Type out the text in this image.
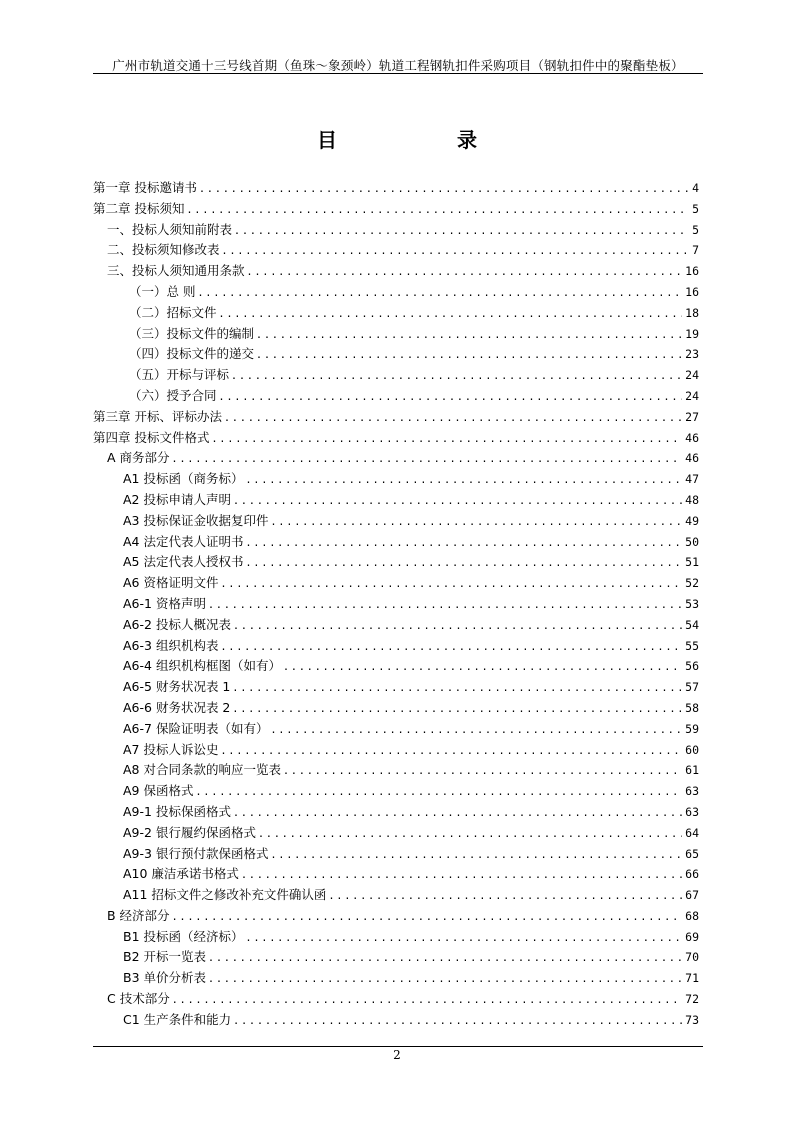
广州市轨道交通十三号线首期（鱼珠～象颈岭）轨道工程钢轨扣件采购项目（钢轨扣件中的聚酯垫板）
目　录
第一章 投标邀请书 . . .	4
第二章 投标须知 . . .	5
一、投标人须知前附表 . . .	5
二、投标须知修改表 . . .	7
三、投标人须知通用条款 . . .	16
（一）总 则 . . .	16
（二）招标文件 . . .	18
（三）投标文件的编制 . . .	19
（四）投标文件的递交 . . .	23
（五）开标与评标 . . .	24
（六）授予合同 . . .	24
第三章 开标、评标办法 . . .	27
第四章 投标文件格式 . . .	46
A 商务部分 . . .	46
A1 投标函（商务标） . . .	47
A2 投标申请人声明 . . .	48
A3 投标保证金收据复印件 . . .	49
A4 法定代表人证明书 . . .	50
A5 法定代表人授权书 . . .	51
A6 资格证明文件 . . .	52
A6-1 资格声明 . . .	53
A6-2 投标人概况表 . . .	54
A6-3 组织机构表 . . .	55
A6-4 组织机构框图（如有） . . .	56
A6-5 财务状况表 1 . . .	57
A6-6 财务状况表 2 . . .	58
A6-7 保险证明表（如有） . . .	59
A7 投标人诉讼史 . . .	60
A8 对合同条款的响应一览表 . . .	61
A9 保函格式 . . .	63
A9-1 投标保函格式 . . .	63
A9-2 银行履约保函格式 . . .	64
A9-3 银行预付款保函格式 . . .	65
A10 廉洁承诺书格式 . . .	66
A11 招标文件之修改补充文件确认函 . . .	67
B 经济部分 . . .	68
B1 投标函（经济标） . . .	69
B2 开标一览表 . . .	70
B3 单价分析表 . . .	71
C 技术部分 . . .	72
C1 生产条件和能力 . . .	73
2
